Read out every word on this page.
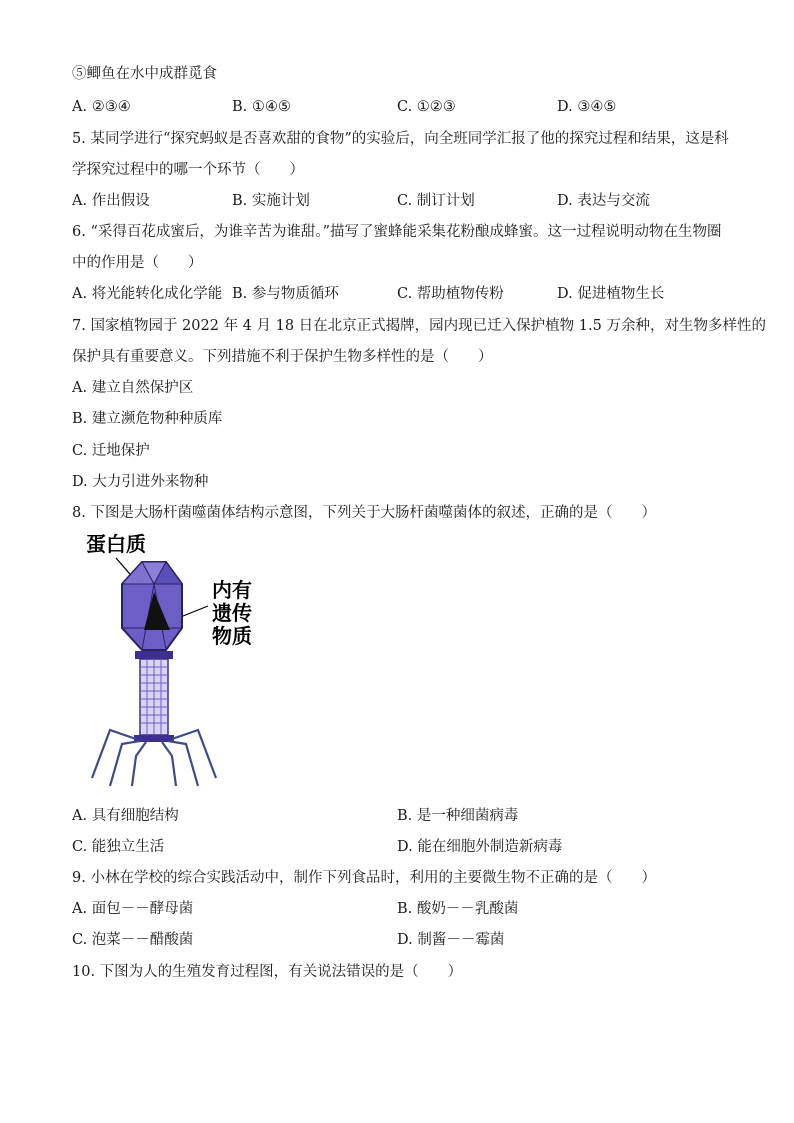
⑤鲫鱼在水中成群觅食
A. ②③④	B. ①④⑤	C. ①②③	D. ③④⑤
5. 某同学进行“探究蚂蚁是否喜欢甜的食物”的实验后，向全班同学汇报了他的探究过程和结果，这是科
学探究过程中的哪一个环节（　　）
A. 作出假设	B. 实施计划	C. 制订计划	D. 表达与交流
6. “采得百花成蜜后，为谁辛苦为谁甜。”描写了蜜蜂能采集花粉酿成蜂蜜。这一过程说明动物在生物圈
中的作用是（　　）
A. 将光能转化成化学能 B. 参与物质循环	C. 帮助植物传粉	D. 促进植物生长
7. 国家植物园于 2022 年 4 月 18 日在北京正式揭牌，园内现已迁入保护植物 1.5 万余种，对生物多样性的
保护具有重要意义。下列措施不利于保护生物多样性的是（　　）
A. 建立自然保护区
B. 建立濒危物种种质库
C. 迁地保护
D. 大力引进外来物种
8. 下图是大肠杆菌噬菌体结构示意图，下列关于大肠杆菌噬菌体的叙述，正确的是（　　）
蛋白质
内有
遗传
物质
A. 具有细胞结构	B. 是一种细菌病毒
C. 能独立生活	D. 能在细胞外制造新病毒
9. 小林在学校的综合实践活动中，制作下列食品时，利用的主要微生物不正确的是（　　）
A. 面包－－酵母菌	B. 酸奶－－乳酸菌
C. 泡菜－－醋酸菌	D. 制酱－－霉菌
10. 下图为人的生殖发育过程图，有关说法错误的是（　　）
